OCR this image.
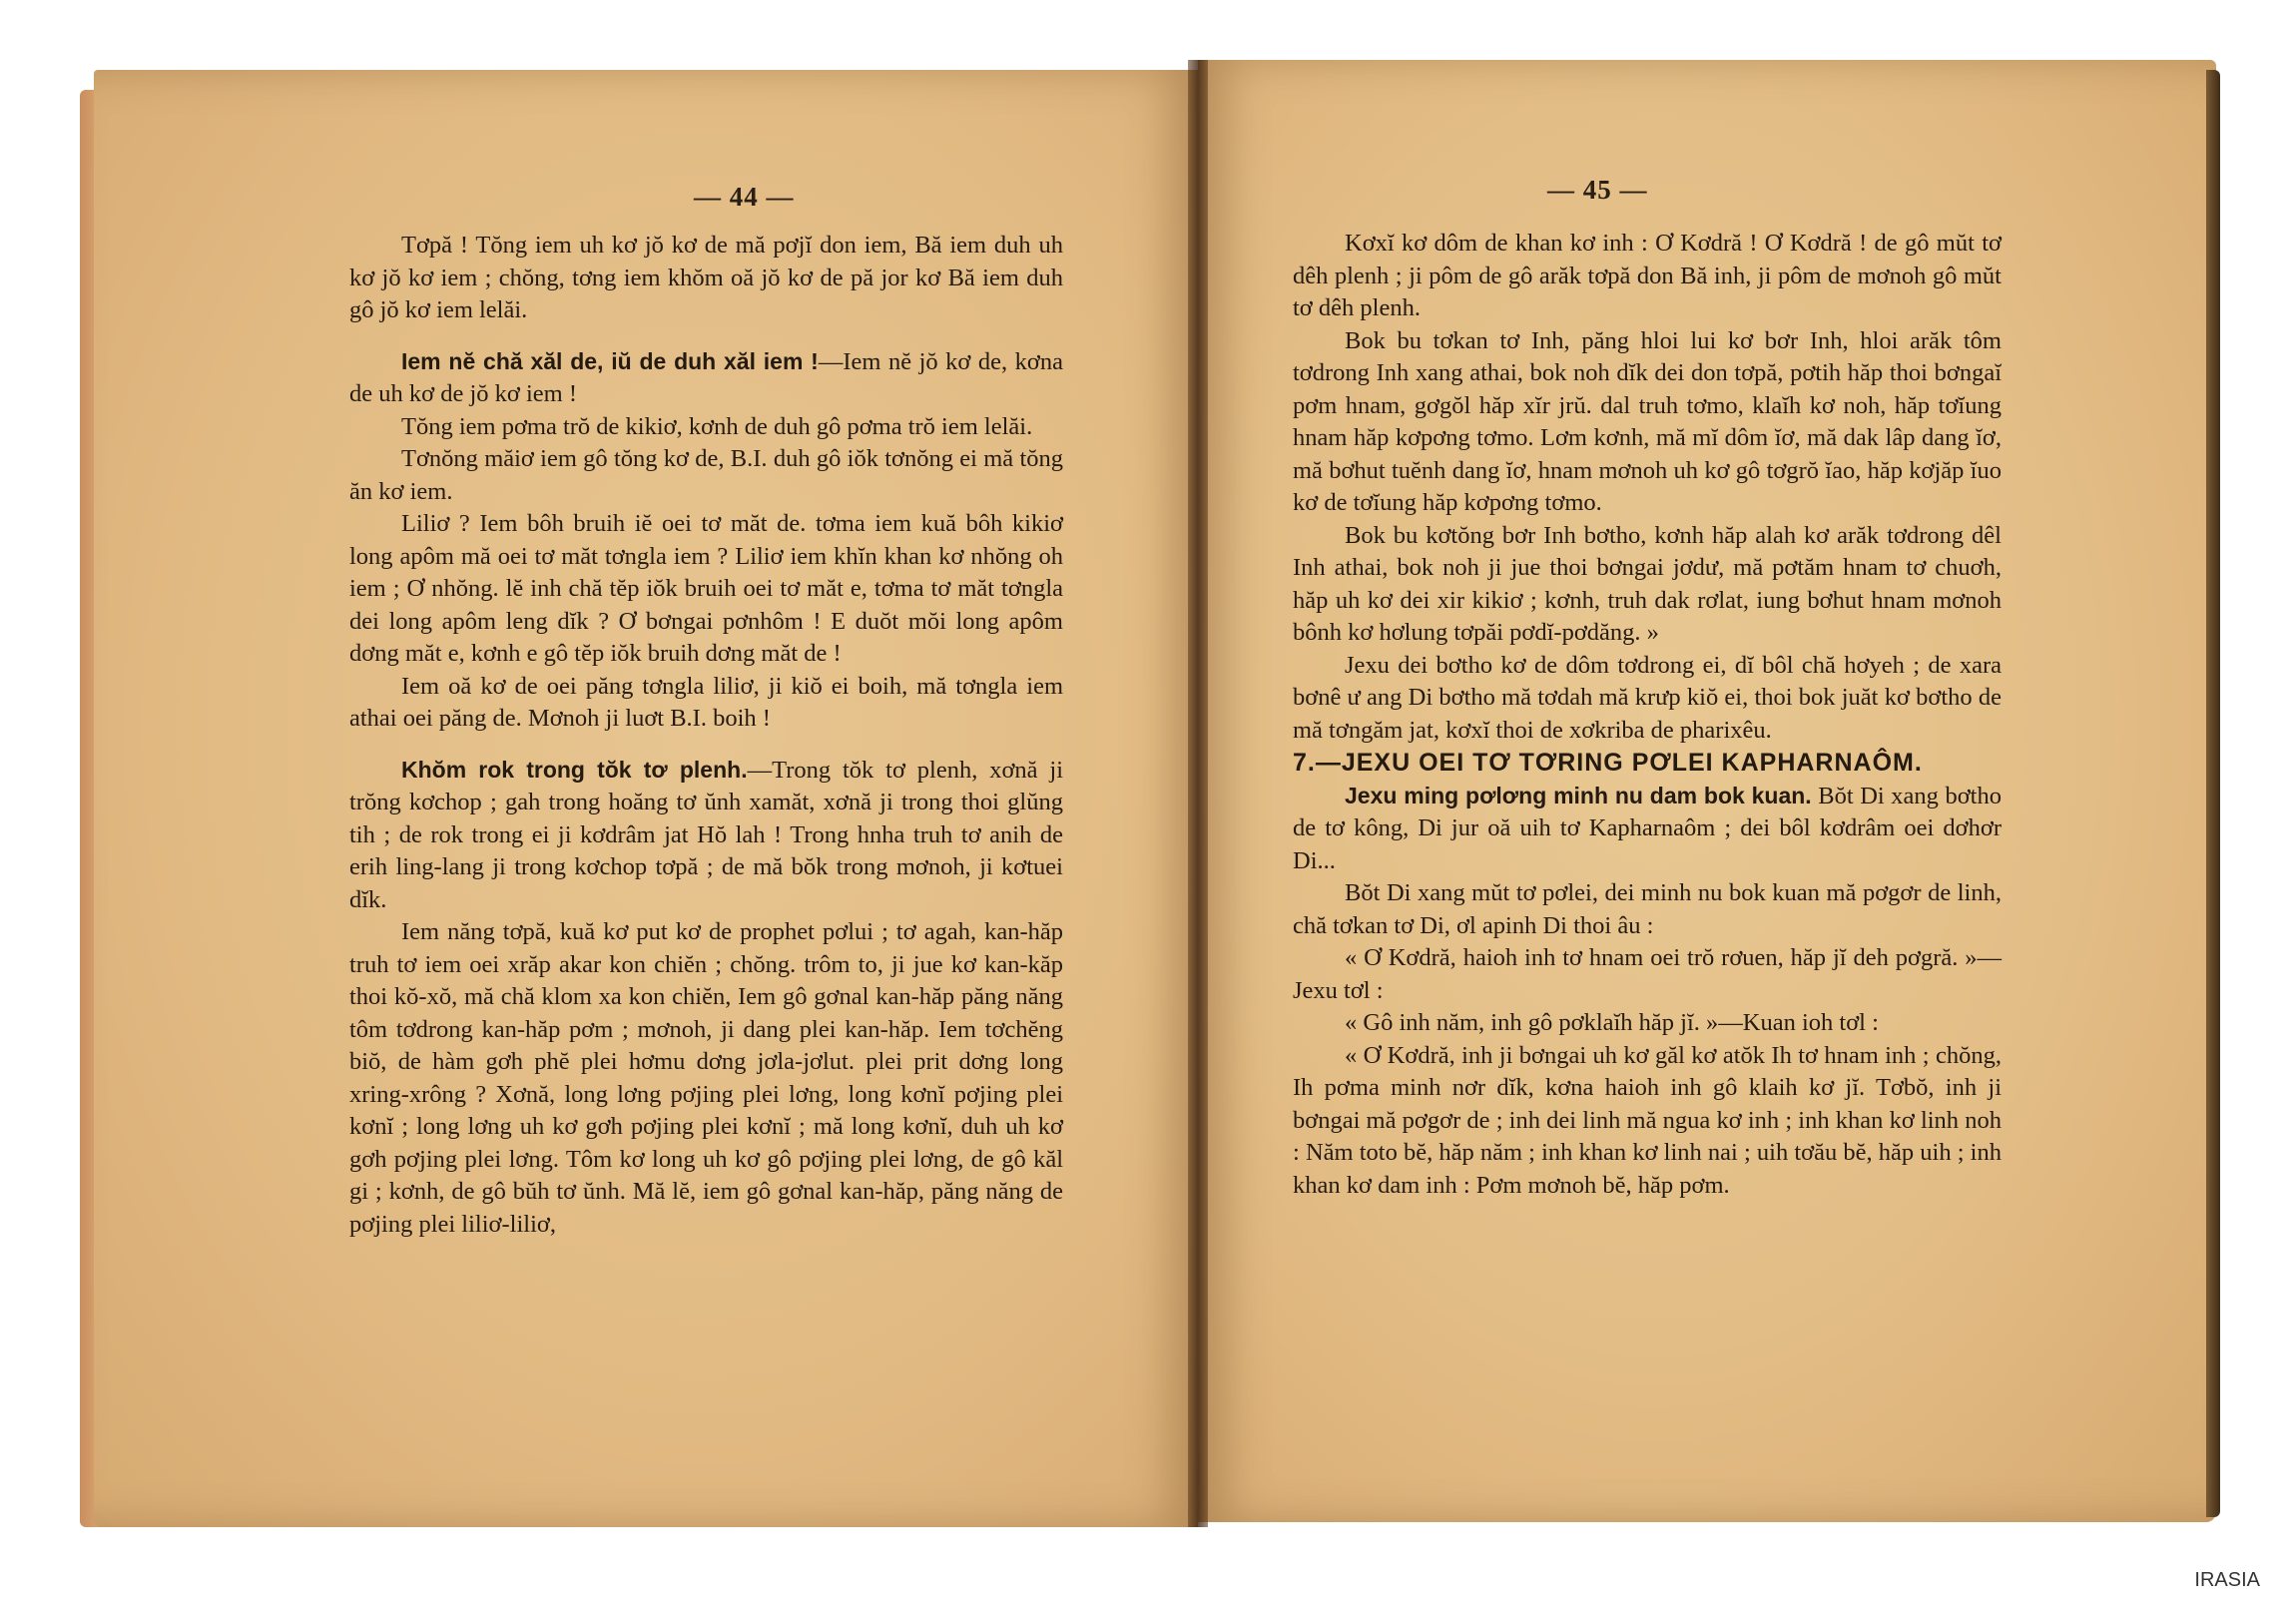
— 44 —	— 45 —

Tơpă ! Tŏng iem uh kơ jŏ kơ de mă pơjĭ don iem, Bă iem duh uh kơ jŏ kơ iem ; chŏng, tơng iem khŏm oă jŏ kơ de pă jor kơ Bă iem duh gô jŏ kơ iem lelăi.

Iem nĕ chă xăl de, iŭ de duh xăl iem !—Iem nĕ jŏ kơ de, kơna de uh kơ de jŏ kơ iem !

Tŏng iem pơma trŏ de kikiơ, kơnh de duh gô pơma trŏ iem lelăi.

Tơnŏng măiơ iem gô tŏng kơ de, B.I. duh gô iŏk tơnŏng ei mă tŏng ăn kơ iem.

Liliơ ? Iem bôh bruih iĕ oei tơ măt de. tơma iem kuă bôh kikiơ long apôm mă oei tơ măt tơngla iem ? Liliơ iem khĭn khan kơ nhŏng oh iem ; Ơ nhŏng. lĕ inh chă tĕp iŏk bruih oei tơ măt e, tơma tơ măt tơngla dei long apôm leng dĭk ? Ơ bơngai pơnhôm ! E duŏt mŏi long apôm dơng măt e, kơnh e gô tĕp iŏk bruih dơng măt de !

Iem oă kơ de oei păng tơngla liliơ, ji kiŏ ei boih, mă tơngla iem athai oei păng de. Mơnoh ji luơt B.I. boih !

Khŏm rok trong tŏk tơ plenh.—Trong tŏk tơ plenh, xơnă ji trŏng kơchop ; gah trong hoăng tơ ŭnh xamăt, xơnă ji trong thoi glŭng tih ; de rok trong ei ji kơdrâm jat Hŏ lah ! Trong hnha truh tơ anih de erih ling-lang ji trong kơchop tơpă ; de mă bŏk trong mơnoh, ji kơtuei dĭk.

Iem năng tơpă, kuă kơ put kơ de prophet pơlui ; tơ agah, kan-hăp truh tơ iem oei xrăp akar kon chiĕn ; chŏng. trôm to, ji jue kơ kan-kăp thoi kŏ-xŏ, mă chă klom xa kon chiĕn, Iem gô gơnal kan-hăp păng năng tôm tơdrong kan-hăp pơm ; mơnoh, ji dang plei kan-hăp. Iem tơchĕng biŏ, de hàm gơh phĕ plei hơmu dơng jơla-jơlut. plei prit dơng long xring-xrông ? Xơnă, long lơng pơjing plei lơng, long kơnĭ pơjing plei kơnĭ ; long lơng uh kơ gơh pơjing plei kơnĭ ; mă long kơnĭ, duh uh kơ gơh pơjing plei lơng. Tôm kơ long uh kơ gô pơjing plei lơng, de gô kăl gi ; kơnh, de gô bŭh tơ ŭnh. Mă lĕ, iem gô gơnal kan-hăp, păng năng de pơjing plei liliơ-liliơ,

Kơxĭ kơ dôm de khan kơ inh : Ơ Kơdră ! Ơ Kơdră ! de gô mŭt tơ dêh plenh ; ji pôm de gô arăk tơpă don Bă inh, ji pôm de mơnoh gô mŭt tơ dêh plenh.

Bok bu tơkan tơ Inh, păng hloi lui kơ bơr Inh, hloi arăk tôm tơdrong Inh xang athai, bok noh dĭk dei don tơpă, pơtih hăp thoi bơngaĭ pơm hnam, gơgŏl hăp xĭr jrŭ. dal truh tơmo, klaĭh kơ noh, hăp tơĭung hnam hăp kơpơng tơmo. Lơm kơnh, mă mĭ dôm ĭơ, mă dak lâp dang ĭơ, mă bơhut tuĕnh dang ĭơ, hnam mơnoh uh kơ gô tơgrŏ ĭao, hăp kơjăp ĭuo kơ de tơĭung hăp kơpơng tơmo.

Bok bu kơtŏng bơr Inh bơtho, kơnh hăp alah kơ arăk tơdrong dêl Inh athai, bok noh ji jue thoi bơngai jơdư, mă pơtăm hnam tơ chuơh, hăp uh kơ dei xir kikiơ ; kơnh, truh dak rơlat, iung bơhut hnam mơnoh bônh kơ hơlung tơpăi pơdĭ-pơdăng. »

Jexu dei bơtho kơ de dôm tơdrong ei, dĭ bôl chă hơyeh ; de xara bơnê ư ang Di bơtho mă tơdah mă krưp kiŏ ei, thoi bok juăt kơ bơtho de mă tơngăm jat, kơxĭ thoi de xơkriba de pharixêu.

7.—JEXU OEI TƠ TƠRING PƠLEI KAPHARNAÔM.

Jexu ming pơlơng minh nu dam bok kuan. Bŏt Di xang bơtho de tơ kông, Di jur oă uih tơ Kapharnaôm ; dei bôl kơdrâm oei dơhơr Di...

Bŏt Di xang mŭt tơ pơlei, dei minh nu bok kuan mă pơgơr de linh, chă tơkan tơ Di, ơl apinh Di thoi âu :

« Ơ Kơdră, haioh inh tơ hnam oei trŏ rơuen, hăp jĭ deh pơgră. »—Jexu tơl :

« Gô inh năm, inh gô pơklaĭh hăp jĭ. »—Kuan ioh tơl :

« Ơ Kơdră, inh ji bơngai uh kơ găl kơ atŏk Ih tơ hnam inh ; chŏng, Ih pơma minh nơr dĭk, kơna haioh inh gô klaih kơ jĭ. Tơbŏ, inh ji bơngai mă pơgơr de ; inh dei linh mă ngua kơ inh ; inh khan kơ linh noh : Năm toto bĕ, hăp năm ; inh khan kơ linh nai ; uih tơău bĕ, hăp uih ; inh khan kơ dam inh : Pơm mơnoh bĕ, hăp pơm.

IRASIA
